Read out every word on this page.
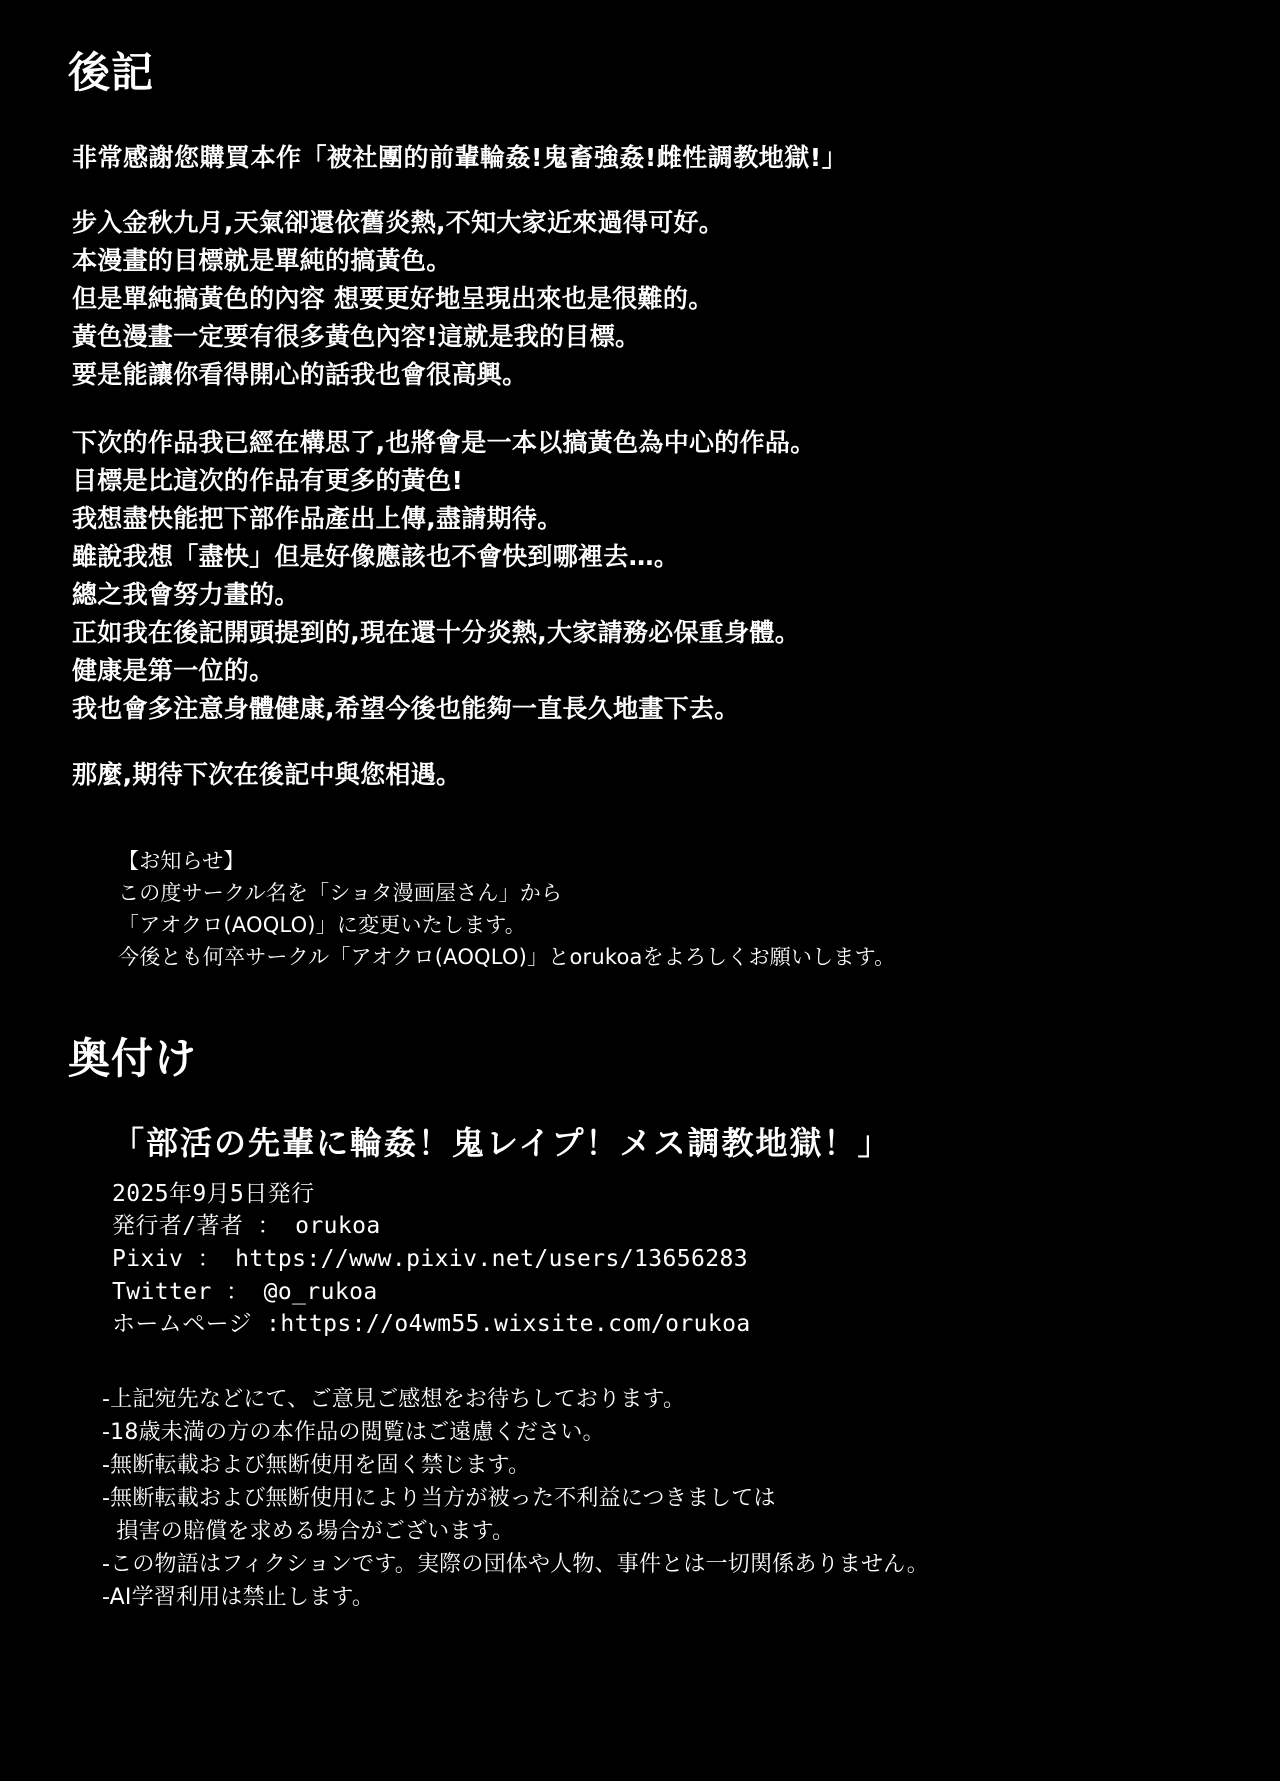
後記
非常感謝您購買本作「被社團的前輩輪姦!鬼畜強姦!雌性調教地獄!」
步入金秋九月,天氣卻還依舊炎熱,不知大家近來過得可好。
本漫畫的目標就是單純的搞黃色。
但是單純搞黃色的內容 想要更好地呈現出來也是很難的。
黃色漫畫一定要有很多黃色內容!這就是我的目標。
要是能讓你看得開心的話我也會很高興。
下次的作品我已經在構思了,也將會是一本以搞黃色為中心的作品。
目標是比這次的作品有更多的黃色!
我想盡快能把下部作品產出上傳,盡請期待。
雖說我想「盡快」但是好像應該也不會快到哪裡去…。
總之我會努力畫的。
正如我在後記開頭提到的,現在還十分炎熱,大家請務必保重身體。
健康是第一位的。
我也會多注意身體健康,希望今後也能夠一直長久地畫下去。
那麼,期待下次在後記中與您相遇。
【お知らせ】
この度サークル名を「ショタ漫画屋さん」から
「アオクロ(AOQLO)」に変更いたします。
今後とも何卒サークル「アオクロ(AOQLO)」とorukoaをよろしくお願いします。
奥付け
「部活の先輩に輪姦！鬼レイプ！メス調教地獄！」
2025年9月5日発行
発行者/著者 ： orukoa
Pixiv ： https://www.pixiv.net/users/13656283
Twitter ： @o_rukoa
ホームページ :https://o4wm55.wixsite.com/orukoa
-上記宛先などにて、ご意見ご感想をお待ちしております。
-18歳未満の方の本作品の閲覧はご遠慮ください。
-無断転載および無断使用を固く禁じます。
-無断転載および無断使用により当方が被った不利益につきましては
損害の賠償を求める場合がございます。
-この物語はフィクションです。実際の団体や人物、事件とは一切関係ありません。
-AI学習利用は禁止します。
